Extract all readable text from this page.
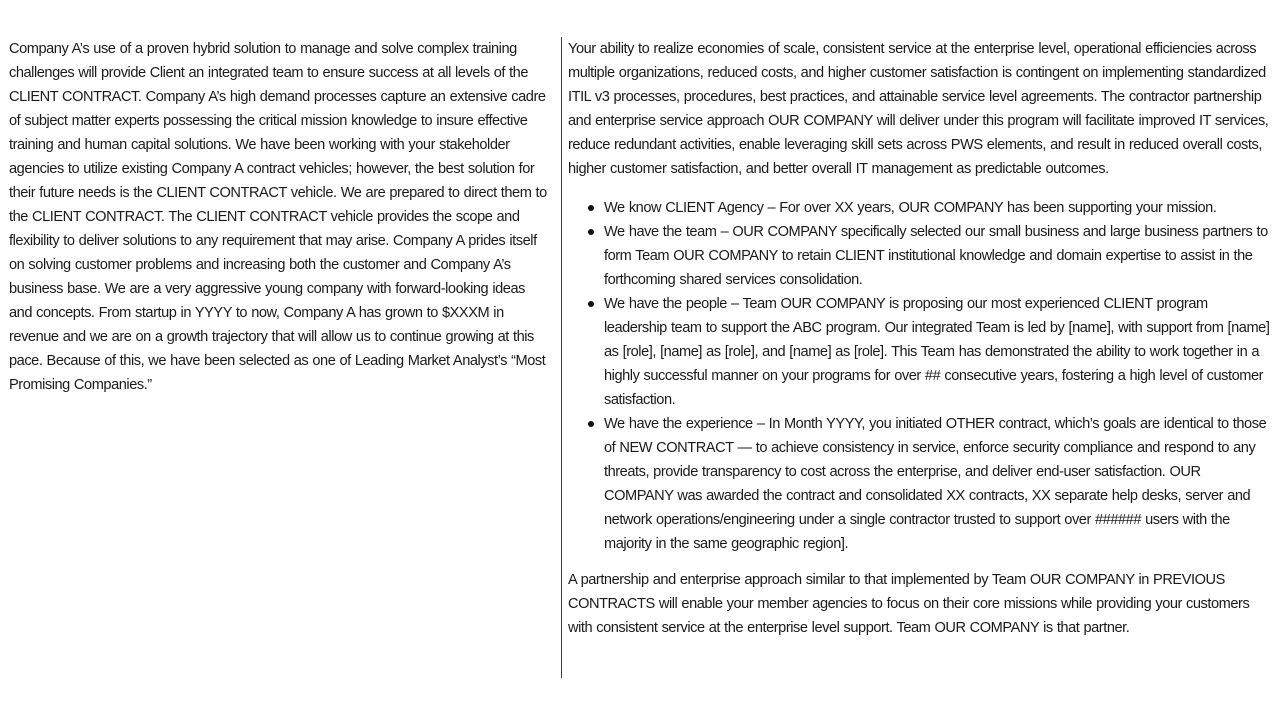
Company A’s use of a proven hybrid solution to manage and solve complex training challenges will provide Client an integrated team to ensure success at all levels of the CLIENT CONTRACT. Company A’s high demand processes capture an extensive cadre of subject matter experts possessing the critical mission knowledge to insure effective training and human capital solutions. We have been working with your stakeholder agencies to utilize existing Company A contract vehicles; however, the best solution for their future needs is the CLIENT CONTRACT vehicle. We are prepared to direct them to the CLIENT CONTRACT. The CLIENT CONTRACT vehicle provides the scope and flexibility to deliver solutions to any requirement that may arise. Company A prides itself on solving customer problems and increasing both the customer and Company A’s business base. We are a very aggressive young company with forward-looking ideas and concepts. From startup in YYYY to now, Company A has grown to $XXXM in revenue and we are on a growth trajectory that will allow us to continue growing at this pace. Because of this, we have been selected as one of Leading Market Analyst’s “Most Promising Companies.”

Your ability to realize economies of scale, consistent service at the enterprise level, operational efficiencies across multiple organizations, reduced costs, and higher customer satisfaction is contingent on implementing standardized ITIL v3 processes, procedures, best practices, and attainable service level agreements. The contractor partnership and enterprise service approach OUR COMPANY will deliver under this program will facilitate improved IT services, reduce redundant activities, enable leveraging skill sets across PWS elements, and result in reduced overall costs, higher customer satisfaction, and better overall IT management as predictable outcomes.

We know CLIENT Agency – For over XX years, OUR COMPANY has been supporting your mission.
We have the team – OUR COMPANY specifically selected our small business and large business partners to form Team OUR COMPANY to retain CLIENT institutional knowledge and domain expertise to assist in the forthcoming shared services consolidation.
We have the people – Team OUR COMPANY is proposing our most experienced CLIENT program leadership team to support the ABC program. Our integrated Team is led by [name], with support from [name] as [role], [name] as [role], and [name] as [role]. This Team has demonstrated the ability to work together in a highly successful manner on your programs for over ## consecutive years, fostering a high level of customer satisfaction.
We have the experience – In Month YYYY, you initiated OTHER contract, which’s goals are identical to those of NEW CONTRACT — to achieve consistency in service, enforce security compliance and respond to any threats, provide transparency to cost across the enterprise, and deliver end-user satisfaction. OUR COMPANY was awarded the contract and consolidated XX contracts, XX separate help desks, server and network operations/engineering under a single contractor trusted to support over ###### users with the majority in the same geographic region].

A partnership and enterprise approach similar to that implemented by Team OUR COMPANY in PREVIOUS CONTRACTS will enable your member agencies to focus on their core missions while providing your customers with consistent service at the enterprise level support. Team OUR COMPANY is that partner.
